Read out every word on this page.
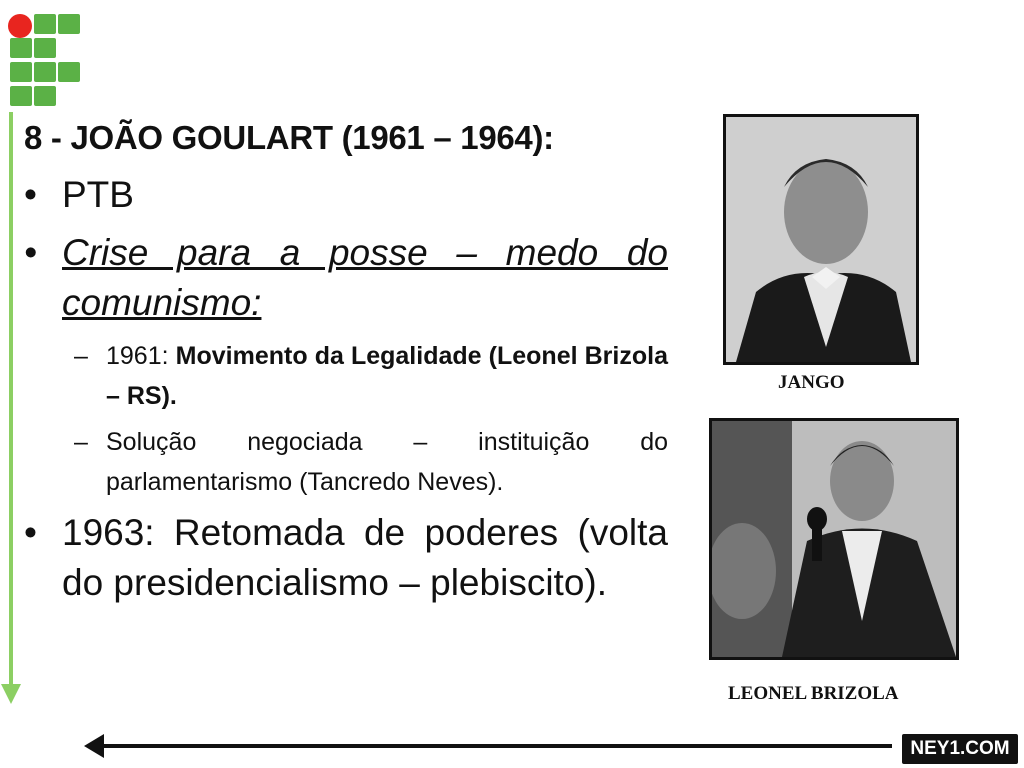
8 - JOÃO GOULART (1961 – 1964):
• PTB
• Crise para a posse – medo do comunismo:
– 1961: Movimento da Legalidade (Leonel Brizola – RS).
– Solução negociada – instituição do parlamentarismo (Tancredo Neves).
• 1963: Retomada de poderes (volta do presidencialismo – plebiscito).
JANGO
LEONEL BRIZOLA
NEY1.COM
